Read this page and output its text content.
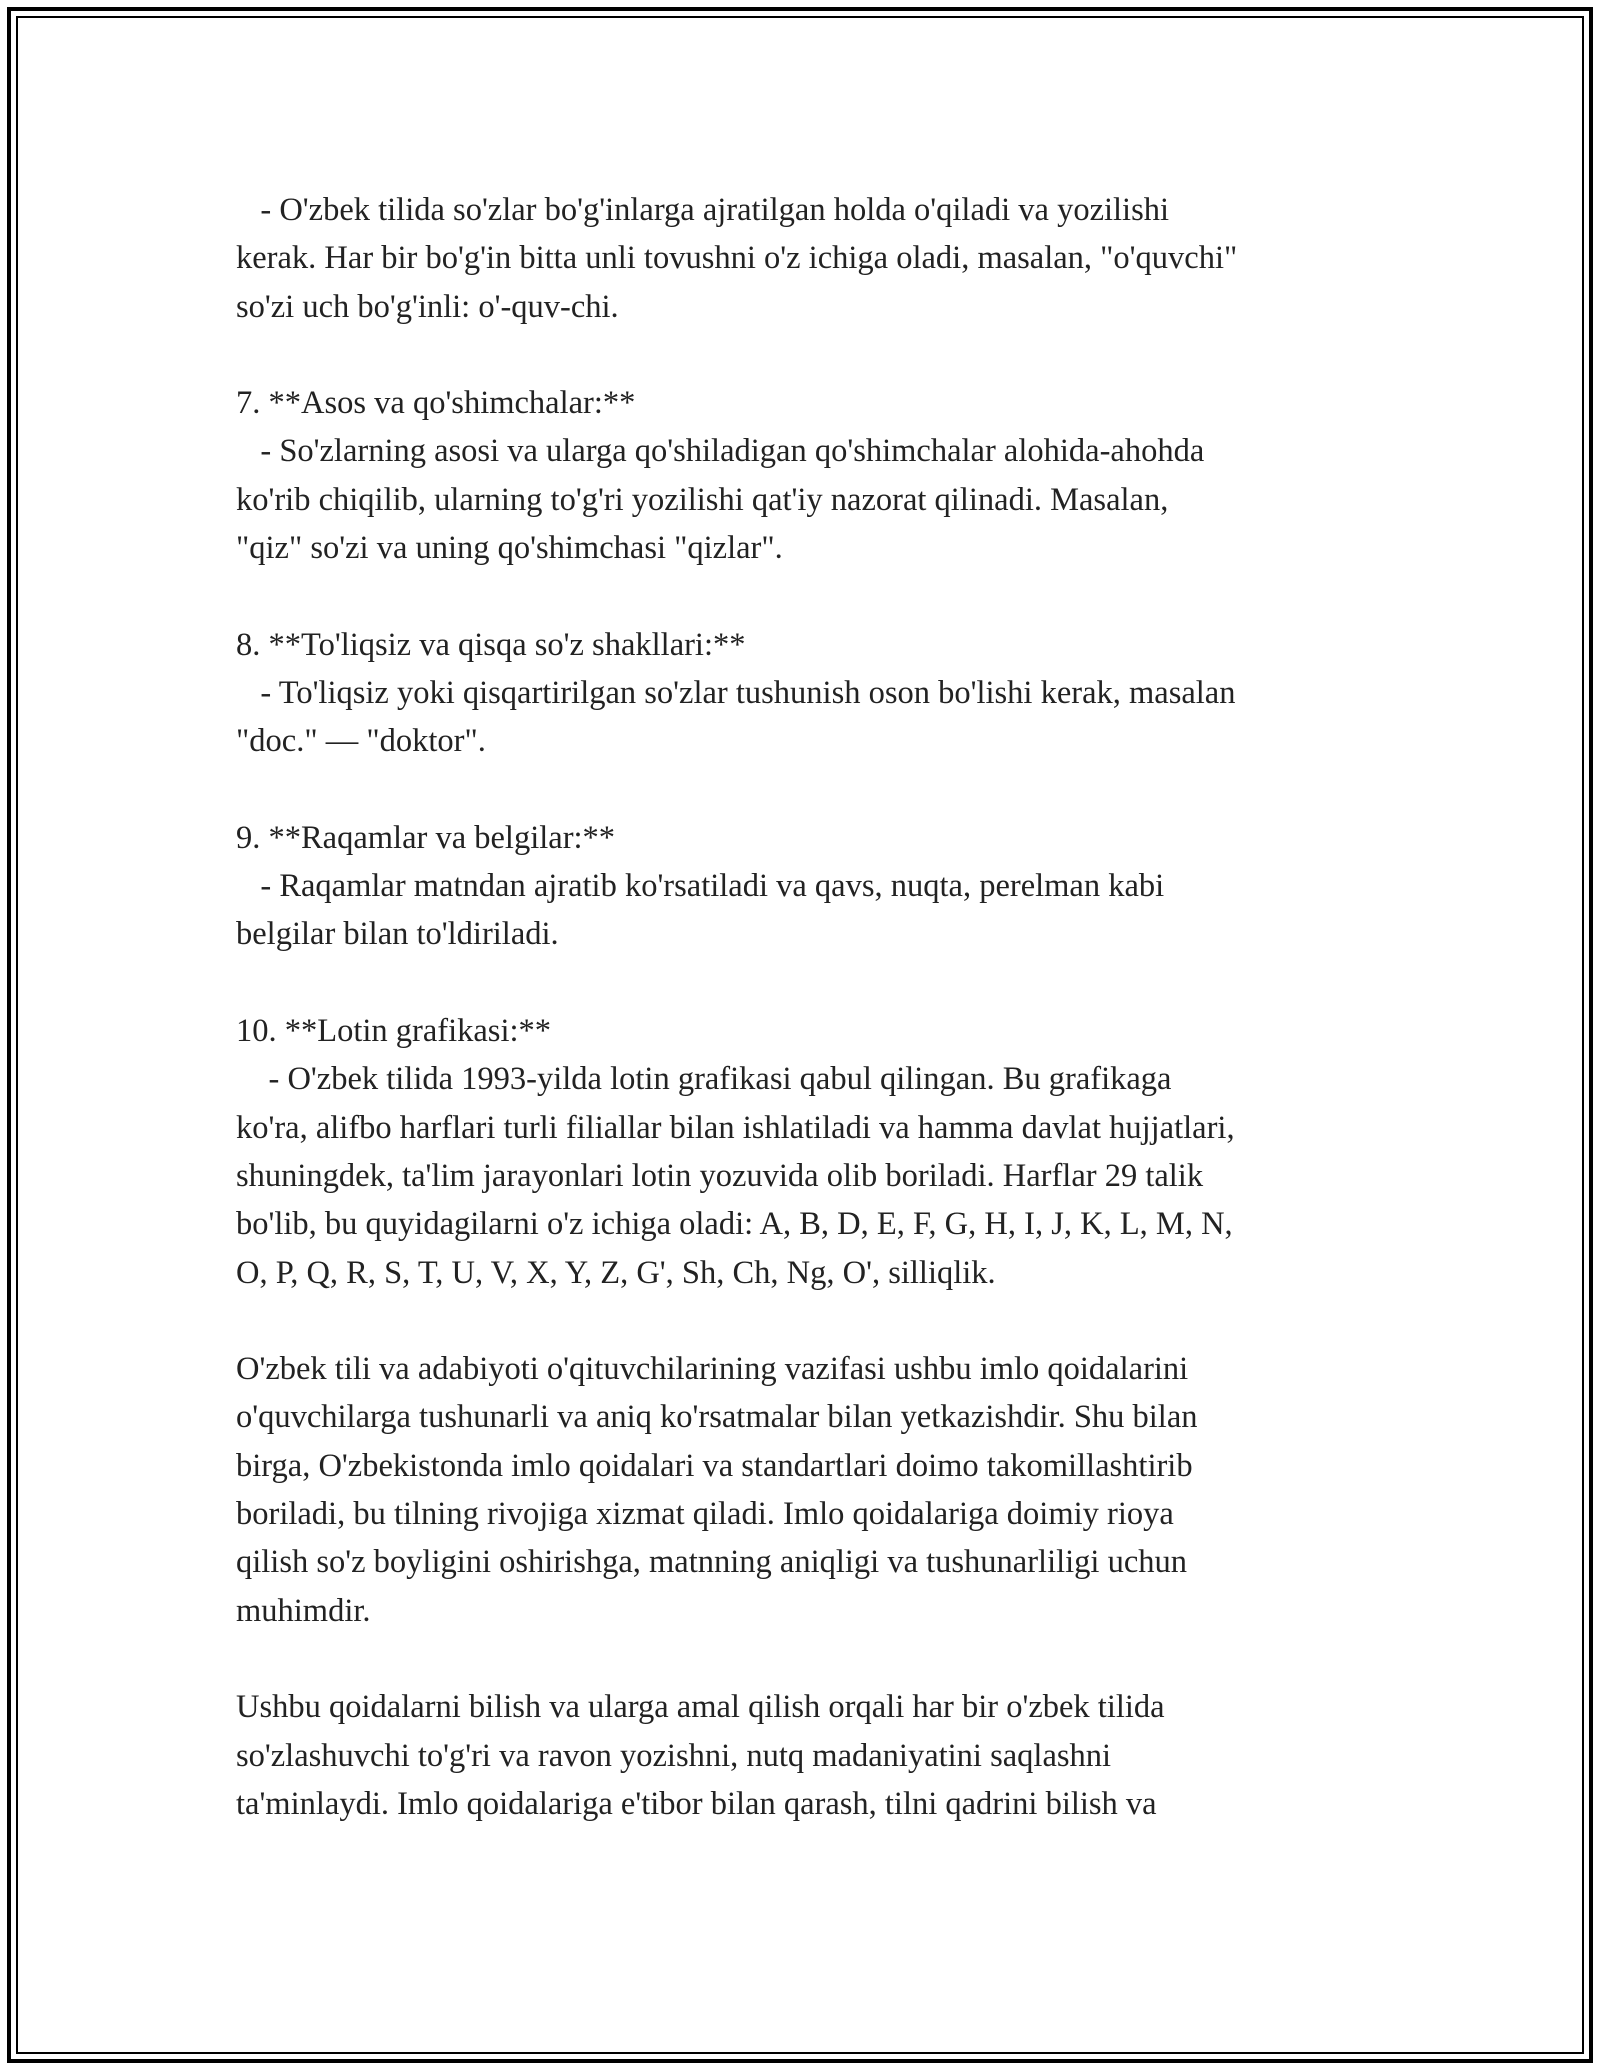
- O'zbek tilida so'zlar bo'g'inlarga ajratilgan holda o'qiladi va yozilishi

kerak. Har bir bo'g'in bitta unli tovushni o'z ichiga oladi, masalan, "o'quvchi"

so'zi uch bo'g'inli: o'-quv-chi.

7. **Asos va qo'shimchalar:**

- So'zlarning asosi va ularga qo'shiladigan qo'shimchalar alohida-ahohda

ko'rib chiqilib, ularning to'g'ri yozilishi qat'iy nazorat qilinadi. Masalan,

"qiz" so'zi va uning qo'shimchasi "qizlar".

8. **To'liqsiz va qisqa so'z shakllari:**

- To'liqsiz yoki qisqartirilgan so'zlar tushunish oson bo'lishi kerak, masalan

"doc." — "doktor".

9. **Raqamlar va belgilar:**

- Raqamlar matndan ajratib ko'rsatiladi va qavs, nuqta, perelman kabi

belgilar bilan to'ldiriladi.

10. **Lotin grafikasi:**

- O'zbek tilida 1993-yilda lotin grafikasi qabul qilingan. Bu grafikaga

ko'ra, alifbo harflari turli filiallar bilan ishlatiladi va hamma davlat hujjatlari,

shuningdek, ta'lim jarayonlari lotin yozuvida olib boriladi. Harflar 29 talik

bo'lib, bu quyidagilarni o'z ichiga oladi: A, B, D, E, F, G, H, I, J, K, L, M, N,

O, P, Q, R, S, T, U, V, X, Y, Z, G', Sh, Ch, Ng, O', silliqlik.

O'zbek tili va adabiyoti o'qituvchilarining vazifasi ushbu imlo qoidalarini

o'quvchilarga tushunarli va aniq ko'rsatmalar bilan yetkazishdir. Shu bilan

birga, O'zbekistonda imlo qoidalari va standartlari doimo takomillashtirib

boriladi, bu tilning rivojiga xizmat qiladi. Imlo qoidalariga doimiy rioya

qilish so'z boyligini oshirishga, matnning aniqligi va tushunarliligi uchun

muhimdir.

Ushbu qoidalarni bilish va ularga amal qilish orqali har bir o'zbek tilida

so'zlashuvchi to'g'ri va ravon yozishni, nutq madaniyatini saqlashni

ta'minlaydi. Imlo qoidalariga e'tibor bilan qarash, tilni qadrini bilish va
